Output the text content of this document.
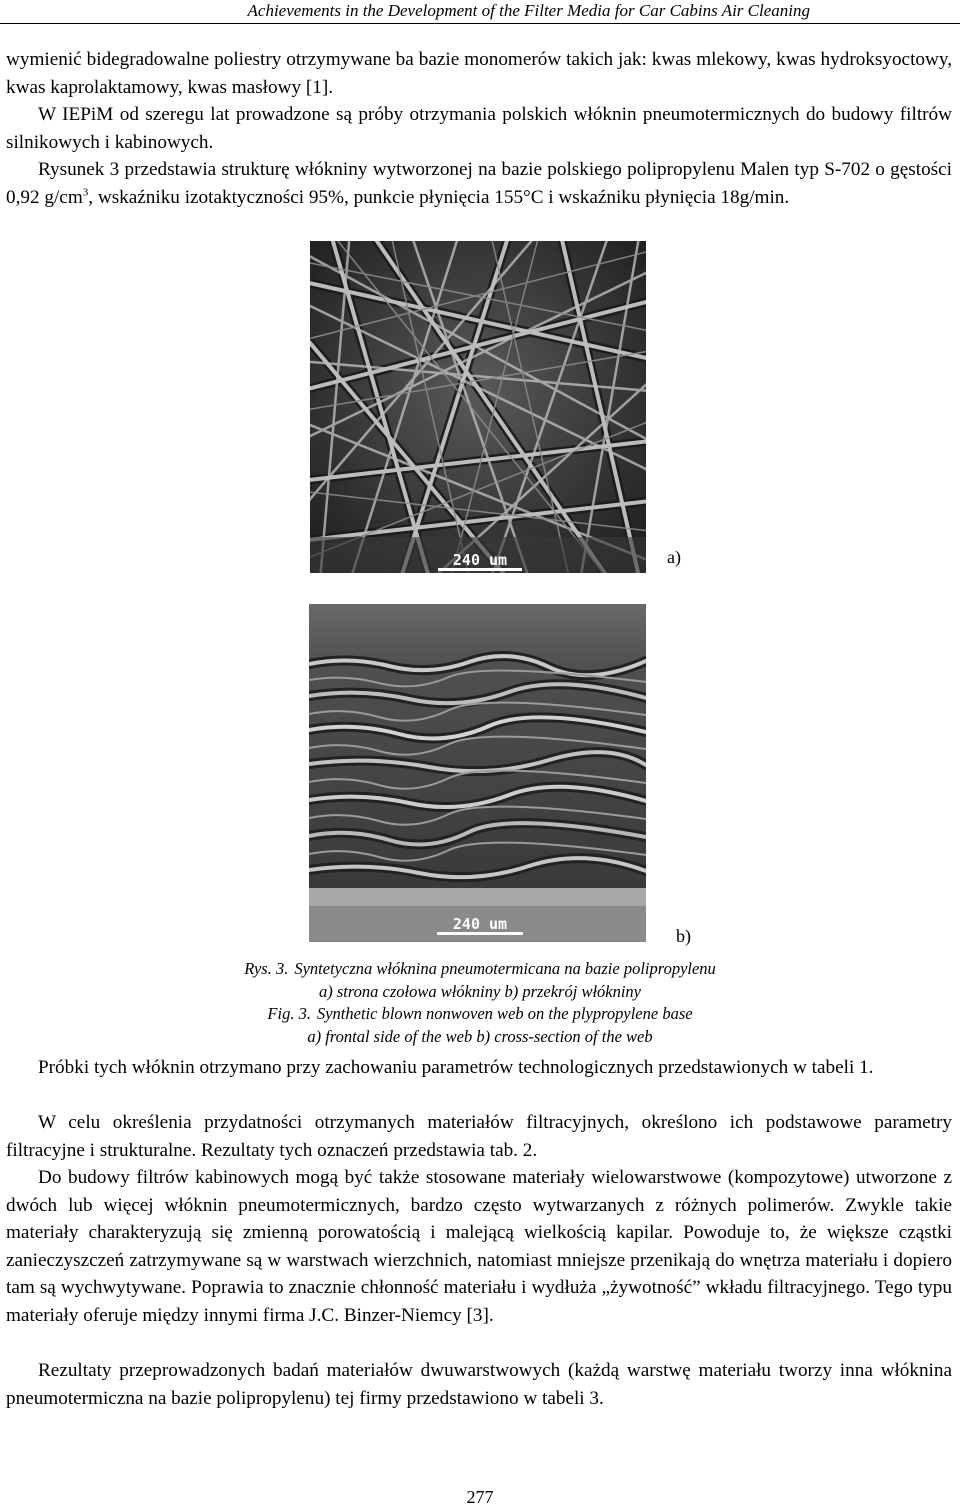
Achievements in the Development of the Filter Media for Car Cabins Air Cleaning

wymienić bidegradowalne poliestry otrzymywane ba bazie monomerów takich jak: kwas mlekowy, kwas hydroksyoctowy, kwas kaprolaktamowy, kwas masłowy [1].

W IEPiM od szeregu lat prowadzone są próby otrzymania polskich włóknin pneumotermicznych do budowy filtrów silnikowych i kabinowych.

Rysunek 3 przedstawia strukturę włókniny wytworzonej na bazie polskiego polipropylenu Malen typ S-702 o gęstości 0,92 $g/cm^3$, wskaźniku izotaktyczności 95%, punkcie płynięcia 155°C i wskaźniku płynięcia 18g/min.

240 um	a)
240 um
b)
Rys. 3. Syntetyczna włóknina pneumotermicana na bazie polipropylenu
a) strona czołowa włókniny b) przekrój włókniny
Fig. 3. Synthetic blown nonwoven web on the plypropylene base
a) frontal side of the web b) cross-section of the web

Próbki tych włóknin otrzymano przy zachowaniu parametrów technologicznych przedstawionych w tabeli 1.

W celu określenia przydatności otrzymanych materiałów filtracyjnych, określono ich podstawowe parametry filtracyjne i strukturalne. Rezultaty tych oznaczeń przedstawia tab. 2.

Do budowy filtrów kabinowych mogą być także stosowane materiały wielowarstwowe (kompozytowe) utworzone z dwóch lub więcej włóknin pneumotermicznych, bardzo często wytwarzanych z różnych polimerów. Zwykle takie materiały charakteryzują się zmienną porowatością i malejącą wielkością kapilar. Powoduje to, że większe cząstki zanieczyszczeń zatrzymywane są w warstwach wierzchnich, natomiast mniejsze przenikają do wnętrza materiału i dopiero tam są wychwytywane. Poprawia to znacznie chłonność materiału i wydłuża „żywotność” wkładu filtracyjnego. Tego typu materiały oferuje między innymi firma J.C. Binzer-Niemcy [3].

Rezultaty przeprowadzonych badań materiałów dwuwarstwowych (każdą warstwę materiału tworzy inna włóknina pneumotermiczna na bazie polipropylenu) tej firmy przedstawiono w tabeli 3.

277
